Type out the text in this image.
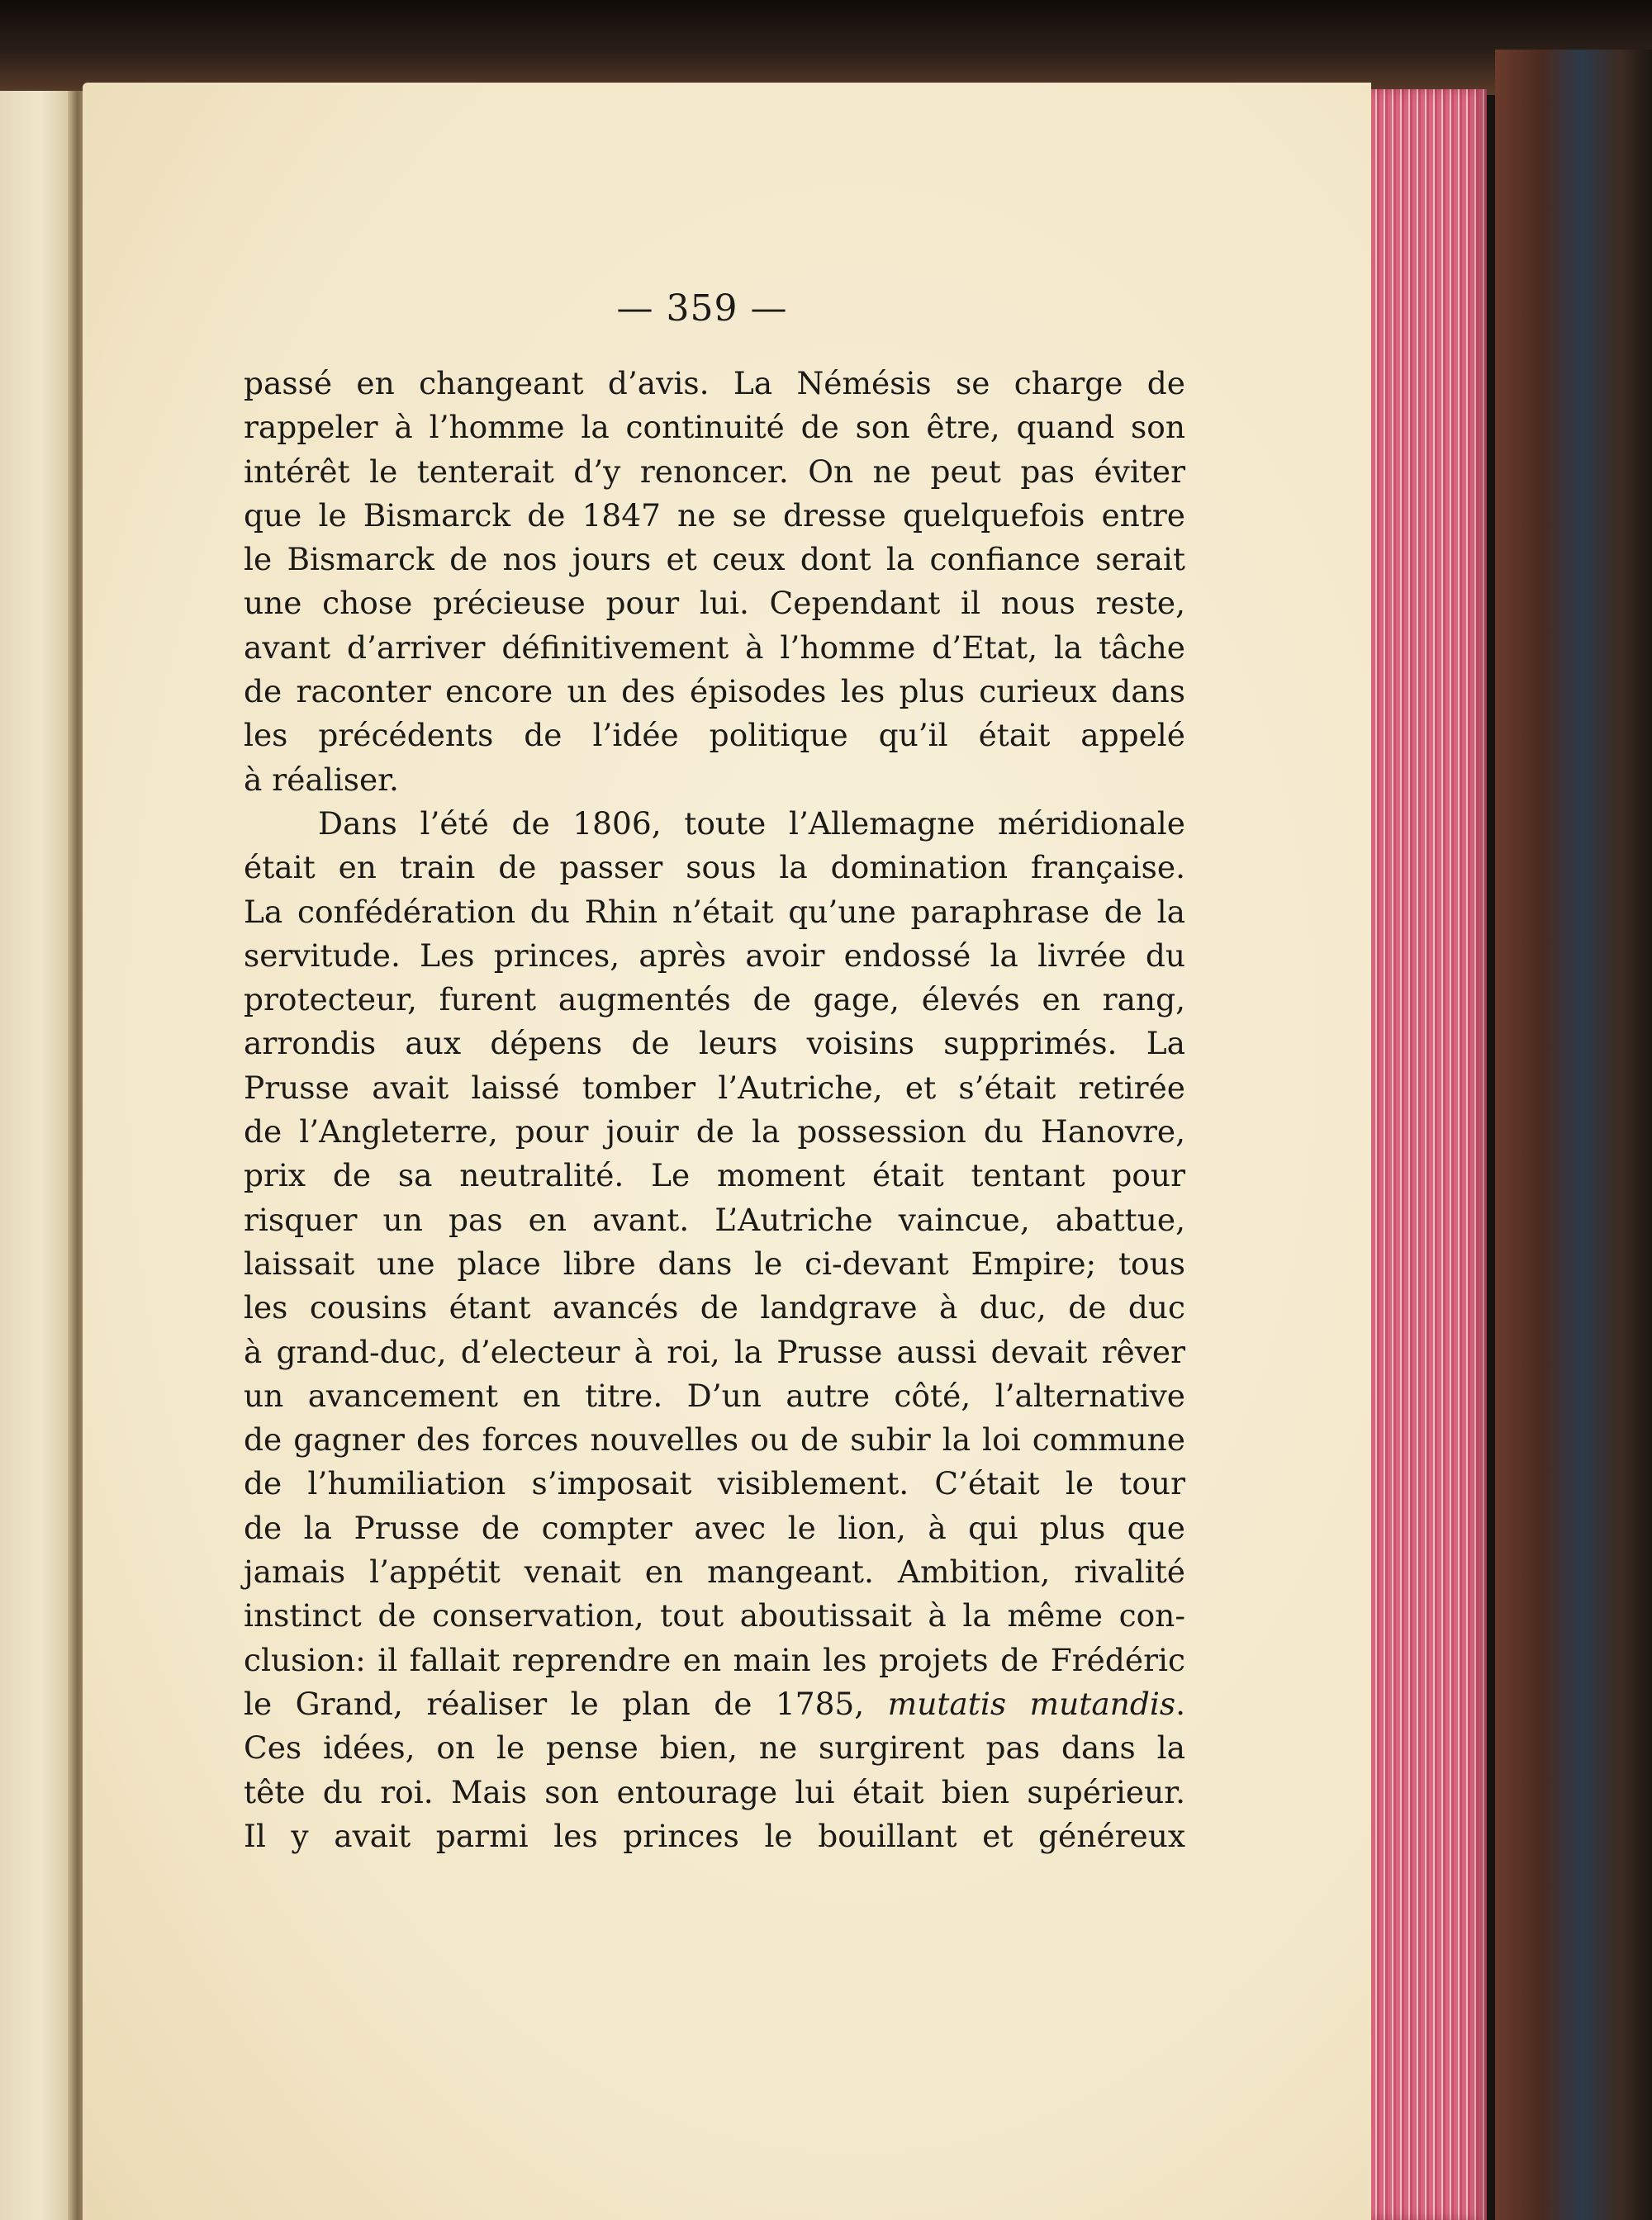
— 359 —
passé en changeant d’avis. La Némésis se charge de
rappeler à l’homme la continuité de son être, quand son
intérêt le tenterait d’y renoncer. On ne peut pas éviter
que le Bismarck de 1847 ne se dresse quelquefois entre
le Bismarck de nos jours et ceux dont la confiance serait
une chose précieuse pour lui. Cependant il nous reste,
avant d’arriver définitivement à l’homme d’Etat, la tâche
de raconter encore un des épisodes les plus curieux dans
les précédents de l’idée politique qu’il était appelé
à réaliser.
Dans l’été de 1806, toute l’Allemagne méridionale
était en train de passer sous la domination française.
La confédération du Rhin n’était qu’une paraphrase de la
servitude. Les princes, après avoir endossé la livrée du
protecteur, furent augmentés de gage, élevés en rang,
arrondis aux dépens de leurs voisins supprimés. La
Prusse avait laissé tomber l’Autriche, et s’était retirée
de l’Angleterre, pour jouir de la possession du Hanovre,
prix de sa neutralité. Le moment était tentant pour
risquer un pas en avant. L’Autriche vaincue, abattue,
laissait une place libre dans le ci-devant Empire; tous
les cousins étant avancés de landgrave à duc, de duc
à grand-duc, d’electeur à roi, la Prusse aussi devait rêver
un avancement en titre. D’un autre côté, l’alternative
de gagner des forces nouvelles ou de subir la loi commune
de l’humiliation s’imposait visiblement. C’était le tour
de la Prusse de compter avec le lion, à qui plus que
jamais l’appétit venait en mangeant. Ambition, rivalité
instinct de conservation, tout aboutissait à la même con-
clusion: il fallait reprendre en main les projets de Frédéric
le Grand, réaliser le plan de 1785, mutatis mutandis.
Ces idées, on le pense bien, ne surgirent pas dans la
tête du roi. Mais son entourage lui était bien supérieur.
Il y avait parmi les princes le bouillant et généreux
